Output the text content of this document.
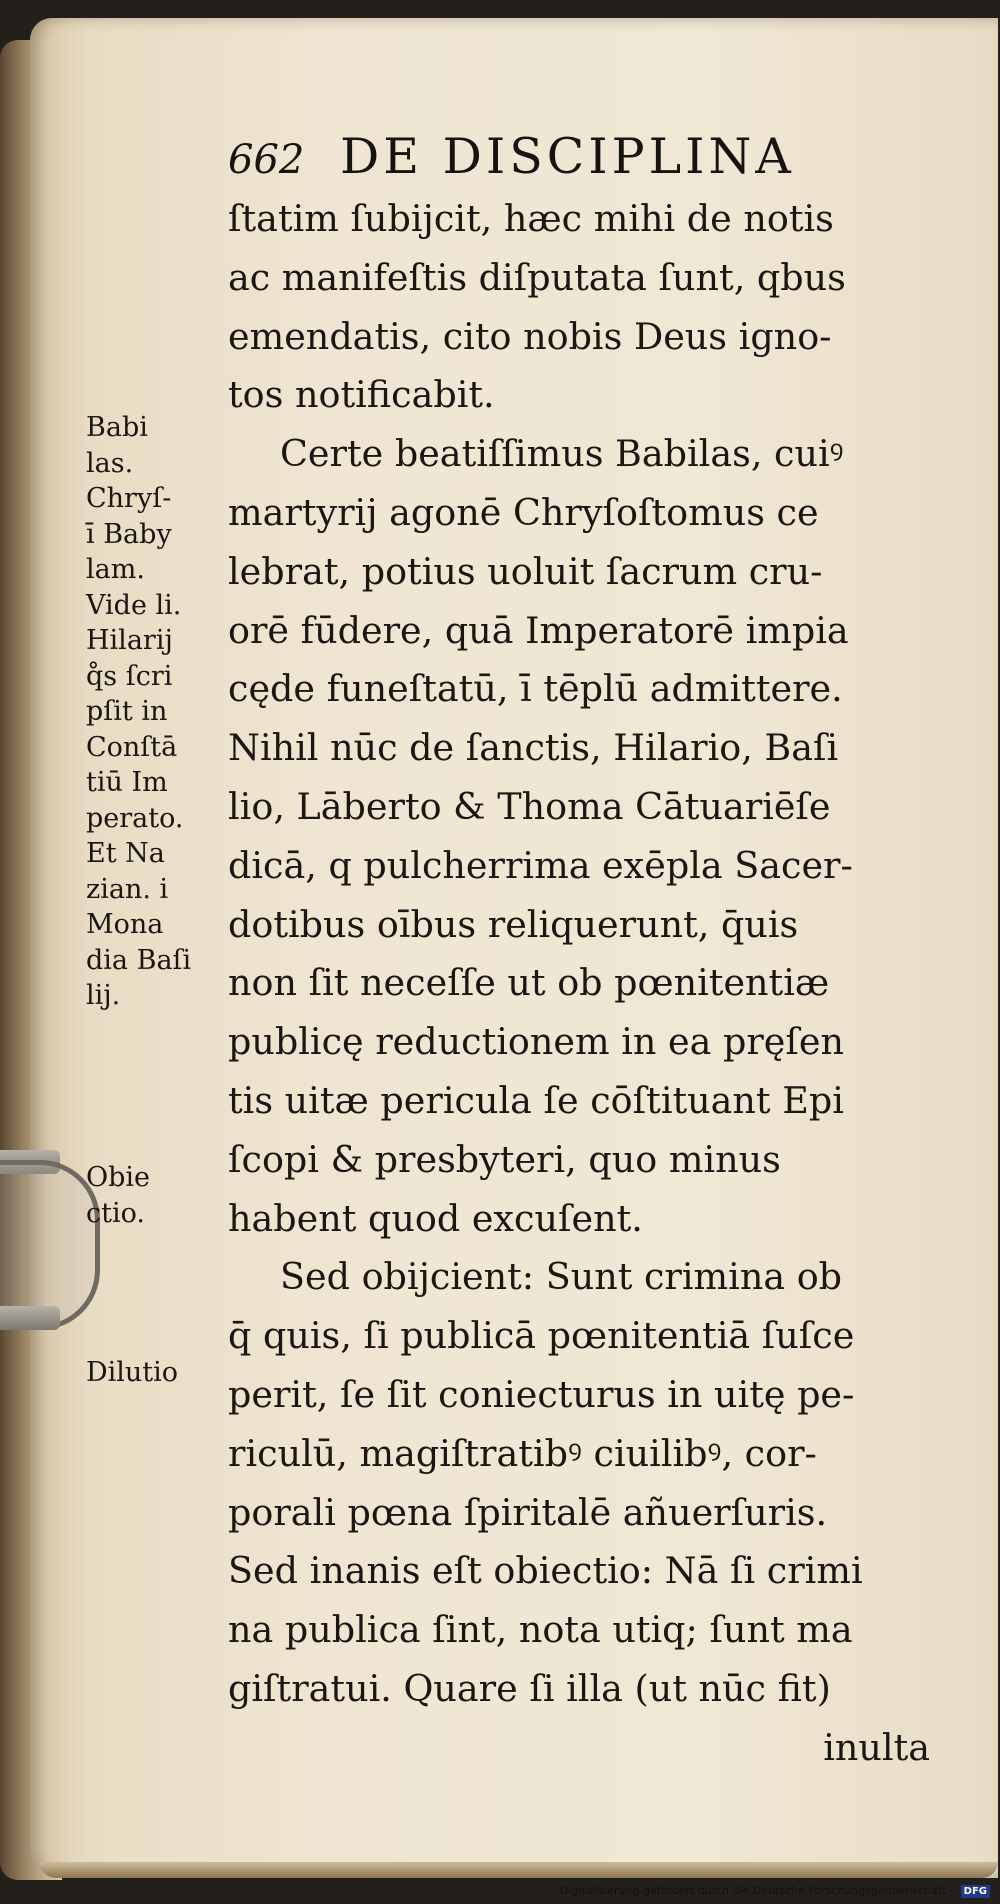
662 DE DISCIPLINA
ſtatim ſubijcit, hæc mihi de notis
ac manifeſtis diſputata ſunt, qbus
emendatis, cito nobis Deus igno-
tos notificabit.
Certe beatiſſimus Babilas, cuiꝰ
martyrij agonē Chryſoſtomus ce
lebrat, potius uoluit ſacrum cru-
orē fūdere, quā Imperatorē impia
cęde funeſtatū, ī tēplū admittere.
Nihil nūc de ſanctis, Hilario, Baſi
lio, Lāberto & Thoma Cātuariēſe
dicā, q pulcherrima exēpla Sacer-
dotibus oībus reliquerunt, q̄uis
non ſit neceſſe ut ob pœnitentiæ
publicę reductionem in ea pręſen
tis uitæ pericula ſe cōſtituant Epi
ſcopi & presbyteri, quo minus
habent quod excuſent.
Sed obijcient: Sunt crimina ob
q̄ quis, ſi publicā pœnitentiā ſuſce
perit, ſe ſit coniecturus in uitę pe-
riculū, magiſtratibꝰ ciuilibꝰ, cor-
porali pœna ſpiritalē añuerſuris.
Sed inanis eſt obiectio: Nā ſi crimi
na publica ſint, nota utiq; ſunt ma
giſtratui. Quare ſi illa (ut nūc fit)
inulta
Babi
las.
Chryſ-
ī Baby
lam.
Vide li.
Hilarij
q̊s ſcri
pſit in
Conſtā
tiū Im
perato.
Et Na
zian. i
Mona
dia Baſi
lij.
Obie
ctio.
Dilutio
Digitalisierung gefördert durch die Deutsche Forschungsgemeinschaft - DFG
